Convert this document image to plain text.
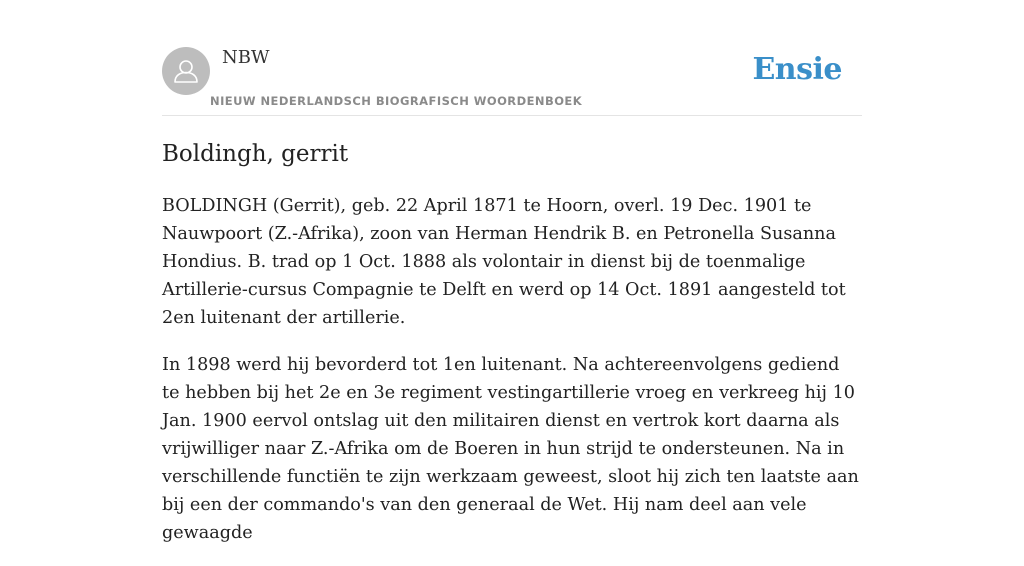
NBW
NIEUW NEDERLANDSCH BIOGRAFISCH WOORDENBOEK
Ensie
Boldingh, gerrit

BOLDINGH (Gerrit), geb. 22 April 1871 te Hoorn, overl. 19 Dec. 1901 te Nauwpoort (Z.-Afrika), zoon van Herman Hendrik B. en Petronella Susanna Hondius. B. trad op 1 Oct. 1888 als volontair in dienst bij de toenmalige Artillerie-cursus Compagnie te Delft en werd op 14 Oct. 1891 aangesteld tot 2en luitenant der artillerie.

In 1898 werd hij bevorderd tot 1en luitenant. Na achtereenvolgens gediend te hebben bij het 2e en 3e regiment vestingartillerie vroeg en verkreeg hij 10 Jan. 1900 eervol ontslag uit den militairen dienst en vertrok kort daarna als vrijwilliger naar Z.-Afrika om de Boeren in hun strijd te ondersteunen. Na in verschillende functiën te zijn werkzaam geweest, sloot hij zich ten laatste aan bij een der commando's van den generaal de Wet. Hij nam deel aan vele gewaagde
